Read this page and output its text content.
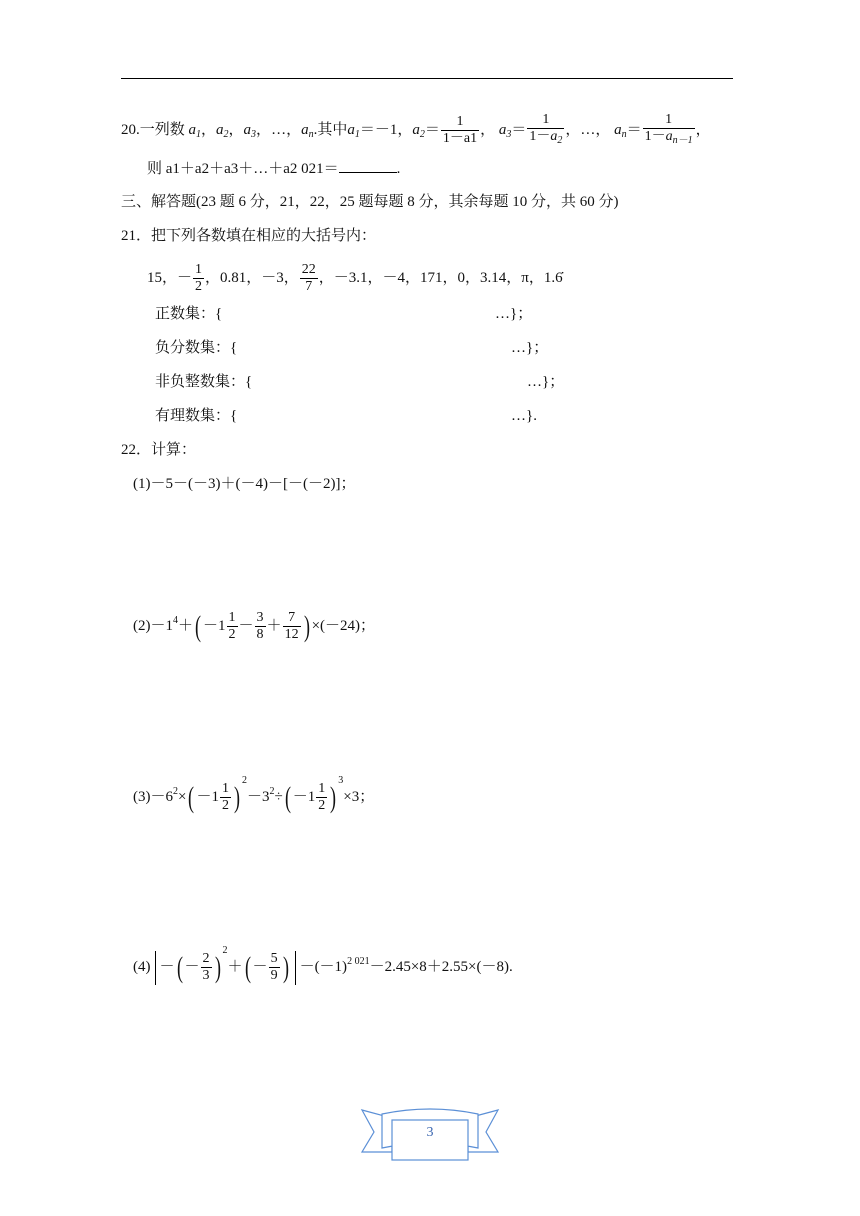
20.一列数 $a_1$，$a_2$，$a_3$，…，$a_n$.其中$a_1=-1$，$a_2= \frac{1}{1-a1}$ ， $a_3= \frac{1}{1-a_2}$ ，…， $a_n= \frac{1}{1-a_{n-1}}$ ，
则 a1＋a2＋a3＋…＋a2 021＝	.
三、解答题(23 题 6 分，21，22，25 题每题 8 分，其余每题 10 分，共 60 分)
21．把下列各数填在相应的大括号内：
15，－ $\frac{1}{2}$ ，0.81，－3， $\frac{22}{7}$ ，－3.1，－4，171，0，3.14，π，1.6̇
正数集：{	…}；
负分数集：{	…}；
非负整数集：{	…}；
有理数集：{	…}.
22．计算：
(1)－5－(－3)＋(－4)－[－(－2)]；
$(2)-1^4+( -1 \frac{1}{2} - \frac{3}{8} + \frac{7}{12}$ ) ×(－24)；
$(3)-6^2\times( -1 \frac{1}{2} )^2-3^2\div( -1 \frac{1}{2} )^3\times 3$；
(4) －( － $\frac{2}{3} )^2+( - \frac{5}{9}$ ) $-(-1)^{2 021}-2.45\times 8+2.55\times(-8)$.
3
